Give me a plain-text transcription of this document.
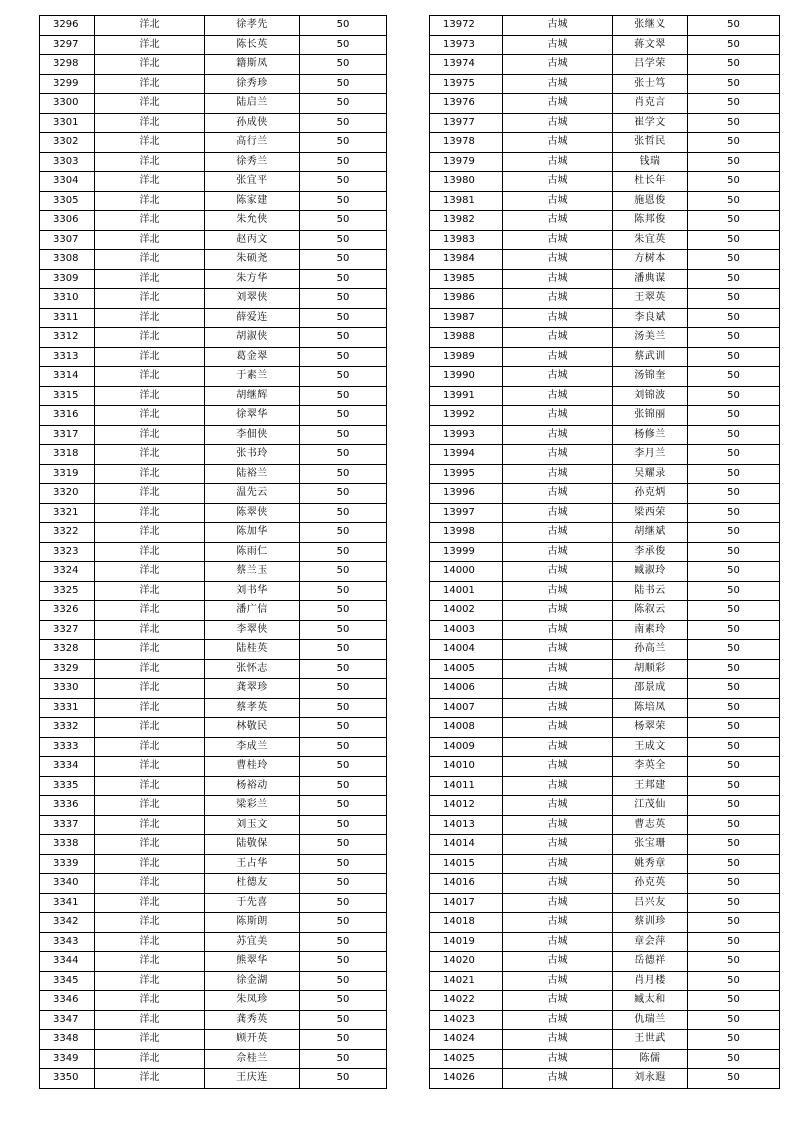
3296	洋北	徐孝先	50
3297	洋北	陈长英	50
3298	洋北	籍斯凤	50
3299	洋北	徐秀珍	50
3300	洋北	陆启兰	50
3301	洋北	孙成侠	50
3302	洋北	高行兰	50
3303	洋北	徐秀兰	50
3304	洋北	张宜平	50
3305	洋北	陈家建	50
3306	洋北	朱允侠	50
3307	洋北	赵丙文	50
3308	洋北	朱硕尧	50
3309	洋北	朱方华	50
3310	洋北	刘翠侠	50
3311	洋北	薛爱连	50
3312	洋北	胡淑侠	50
3313	洋北	葛金翠	50
3314	洋北	于素兰	50
3315	洋北	胡继辉	50
3316	洋北	徐翠华	50
3317	洋北	李佃侠	50
3318	洋北	张书玲	50
3319	洋北	陆裕兰	50
3320	洋北	温先云	50
3321	洋北	陈翠侠	50
3322	洋北	陈加华	50
3323	洋北	陈雨仁	50
3324	洋北	蔡兰玉	50
3325	洋北	刘书华	50
3326	洋北	潘广信	50
3327	洋北	李翠侠	50
3328	洋北	陆桂英	50
3329	洋北	张怀志	50
3330	洋北	龚翠珍	50
3331	洋北	蔡孝英	50
3332	洋北	林敬民	50
3333	洋北	李成兰	50
3334	洋北	曹桂玲	50
3335	洋北	杨裕动	50
3336	洋北	梁彩兰	50
3337	洋北	刘玉文	50
3338	洋北	陆敬保	50
3339	洋北	王占华	50
3340	洋北	杜德友	50
3341	洋北	于先喜	50
3342	洋北	陈斯朗	50
3343	洋北	苏宜美	50
3344	洋北	熊翠华	50
3345	洋北	徐金湖	50
3346	洋北	朱凤珍	50
3347	洋北	龚秀英	50
3348	洋北	顾开英	50
3349	洋北	佘桂兰	50
3350	洋北	王庆连	50
13972	古城	张继义	50
13973	古城	蒋文翠	50
13974	古城	吕学荣	50
13975	古城	张士笃	50
13976	古城	肖克言	50
13977	古城	崔学文	50
13978	古城	张哲民	50
13979	古城	钱瑞	50
13980	古城	杜长年	50
13981	古城	施恩俊	50
13982	古城	陈邦俊	50
13983	古城	朱宜英	50
13984	古城	方树本	50
13985	古城	潘典谋	50
13986	古城	王翠英	50
13987	古城	李良斌	50
13988	古城	汤美兰	50
13989	古城	蔡武训	50
13990	古城	汤锦奎	50
13991	古城	刘锦波	50
13992	古城	张锦丽	50
13993	古城	杨修兰	50
13994	古城	李月兰	50
13995	古城	吴耀录	50
13996	古城	孙克炳	50
13997	古城	梁西荣	50
13998	古城	胡继斌	50
13999	古城	李承俊	50
14000	古城	臧淑玲	50
14001	古城	陆书云	50
14002	古城	陈叙云	50
14003	古城	南素玲	50
14004	古城	孙高兰	50
14005	古城	胡顺彩	50
14006	古城	邵景成	50
14007	古城	陈培凤	50
14008	古城	杨翠荣	50
14009	古城	王成文	50
14010	古城	李英全	50
14011	古城	王邦建	50
14012	古城	江茂仙	50
14013	古城	曹志英	50
14014	古城	张宝珊	50
14015	古城	姚秀章	50
14016	古城	孙克英	50
14017	古城	吕兴友	50
14018	古城	蔡训珍	50
14019	古城	章会萍	50
14020	古城	岳德祥	50
14021	古城	肖月楼	50
14022	古城	臧太和	50
14023	古城	仇瑞兰	50
14024	古城	王世武	50
14025	古城	陈儒	50
14026	古城	刘永遐	50
